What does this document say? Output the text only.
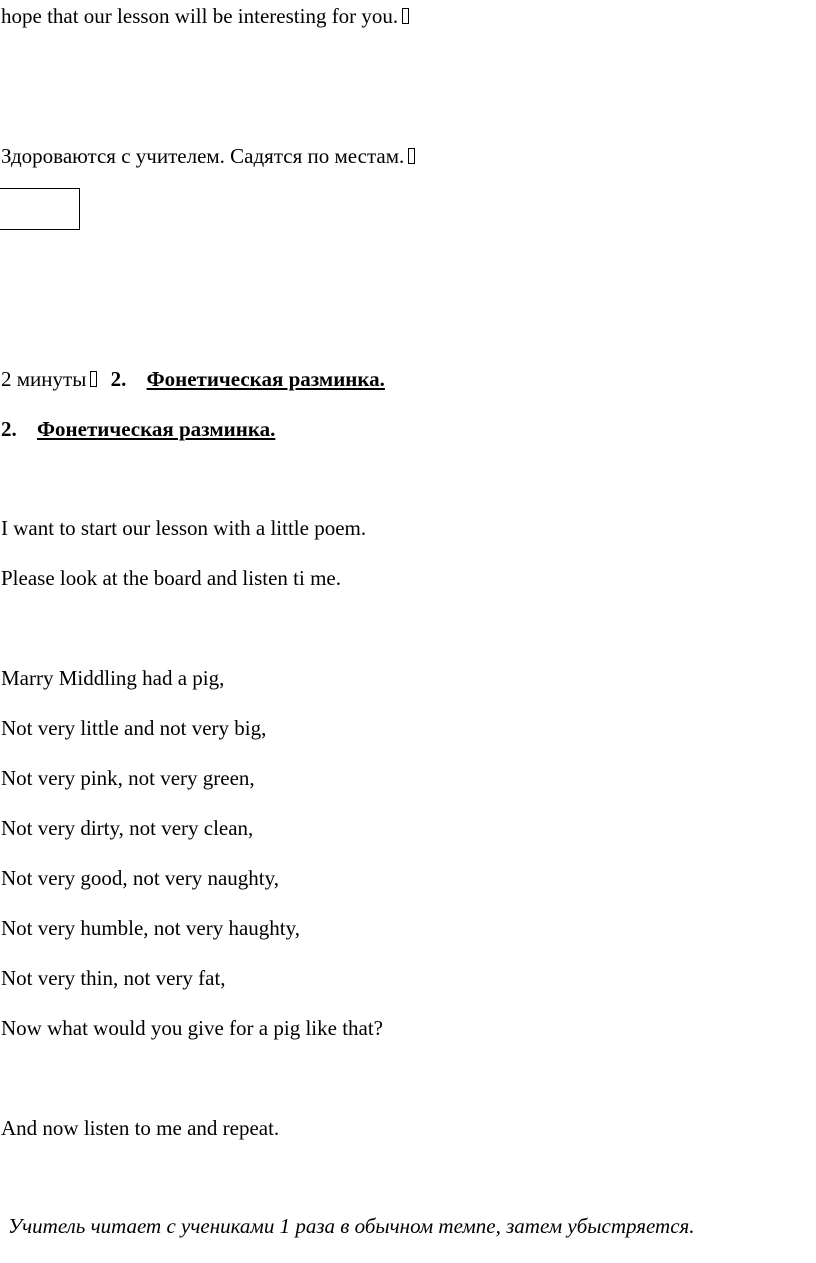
hope that our lesson will be interesting for you.
Здороваются с учителем. Садятся по местам.
2 минуты 2. Фонетическая разминка.
2. Фонетическая разминка.
I want to start our lesson with a little poem.
Please look at the board and listen ti me.
Marry Middling had a pig,
Not very little and not very big,
Not very pink, not very green,
Not very dirty, not very clean,
Not very good, not very naughty,
Not very humble, not very haughty,
Not very thin, not very fat,
Now what would you give for a pig like that?
And now listen to me and repeat.
Учитель читает с учениками 1 раза в обычном темпе, затем убыстряется.
